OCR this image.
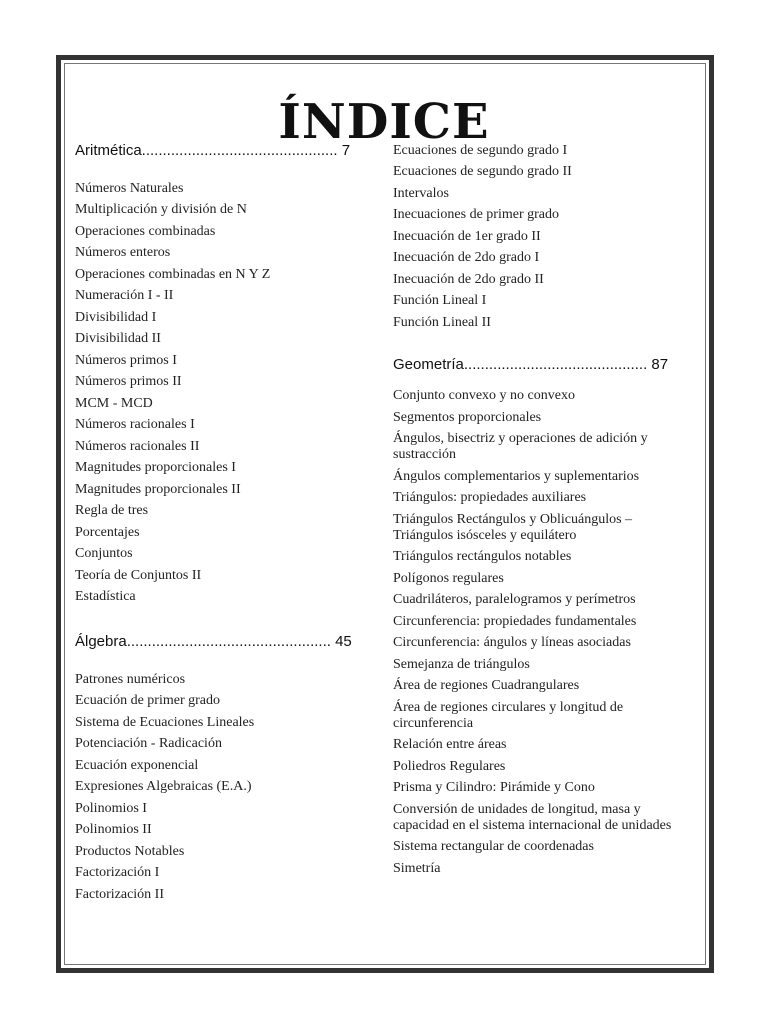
ÍNDICE
Aritmética............................................... 7
Números Naturales
Multiplicación y división de N
Operaciones combinadas
Números enteros
Operaciones combinadas en N Y Z
Numeración I - II
Divisibilidad I
Divisibilidad II
Números primos I
Números primos II
MCM - MCD
Números racionales I
Números racionales II
Magnitudes proporcionales I
Magnitudes proporcionales II
Regla de tres
Porcentajes
Conjuntos
Teoría de Conjuntos II
Estadística
Álgebra................................................. 45
Patrones numéricos
Ecuación de primer grado
Sistema de Ecuaciones Lineales
Potenciación - Radicación
Ecuación exponencial
Expresiones Algebraicas (E.A.)
Polinomios I
Polinomios II
Productos Notables
Factorización I
Factorización II
Ecuaciones de segundo grado I
Ecuaciones de segundo grado II
Intervalos
Inecuaciones de primer grado
Inecuación de 1er grado II
Inecuación de 2do grado I
Inecuación de 2do grado II
Función Lineal I
Función Lineal II
Geometría............................................ 87
Conjunto convexo y no convexo
Segmentos proporcionales
Ángulos, bisectriz y operaciones de adición y sustracción
Ángulos complementarios y suplementarios
Triángulos: propiedades auxiliares
Triángulos Rectángulos y Oblicuángulos – Triángulos isósceles y equilátero
Triángulos rectángulos notables
Polígonos regulares
Cuadriláteros, paralelogramos y perímetros
Circunferencia: propiedades fundamentales
Circunferencia: ángulos y líneas asociadas
Semejanza de triángulos
Área de regiones Cuadrangulares
Área de regiones circulares y longitud de circunferencia
Relación entre áreas
Poliedros Regulares
Prisma y Cilindro: Pirámide y Cono
Conversión de unidades de longitud, masa y capacidad en el sistema internacional de unidades
Sistema rectangular de coordenadas
Simetría
